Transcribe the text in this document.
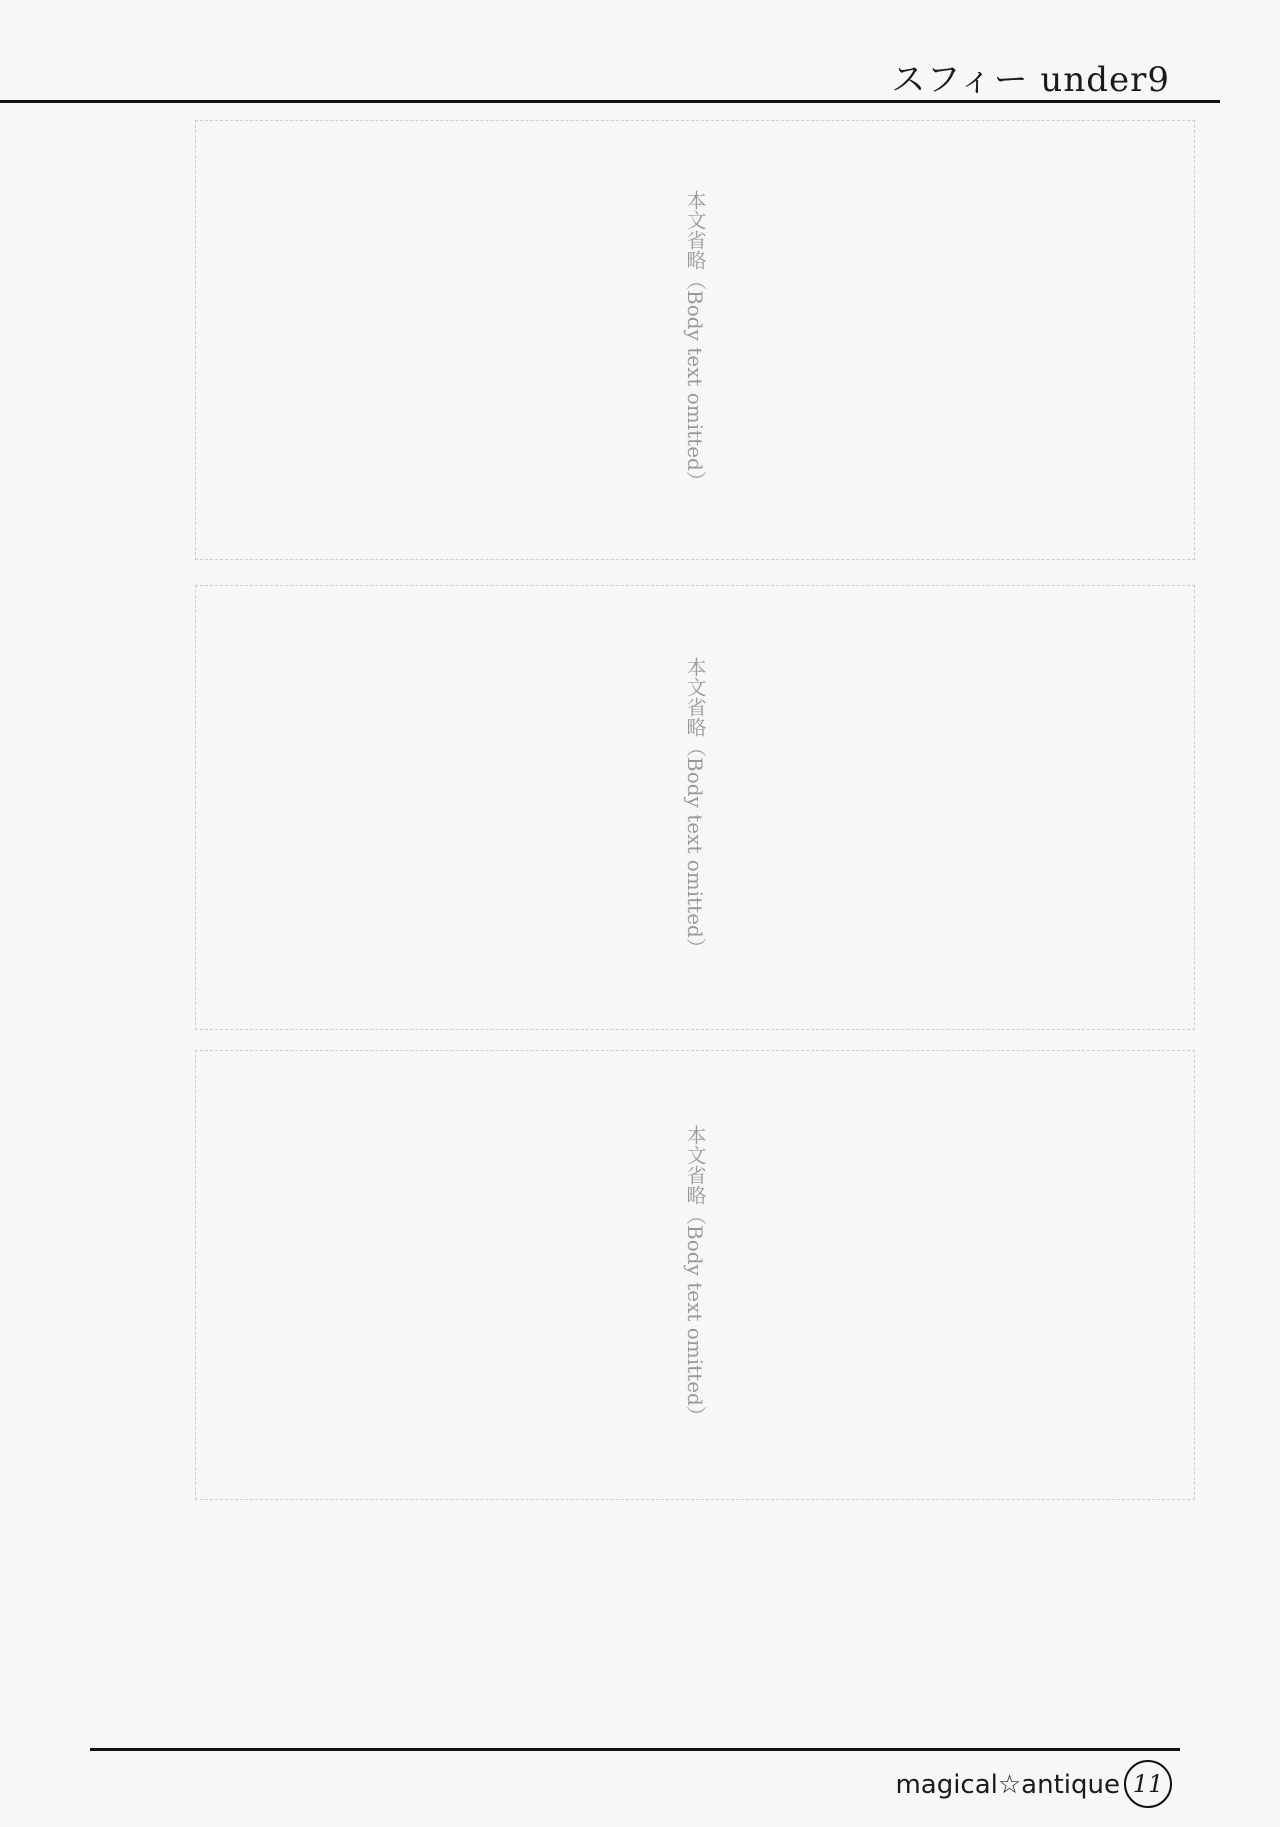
スフィー under9
本文省略（Body text omitted）
本文省略（Body text omitted）
本文省略（Body text omitted）
magical☆antique 11
